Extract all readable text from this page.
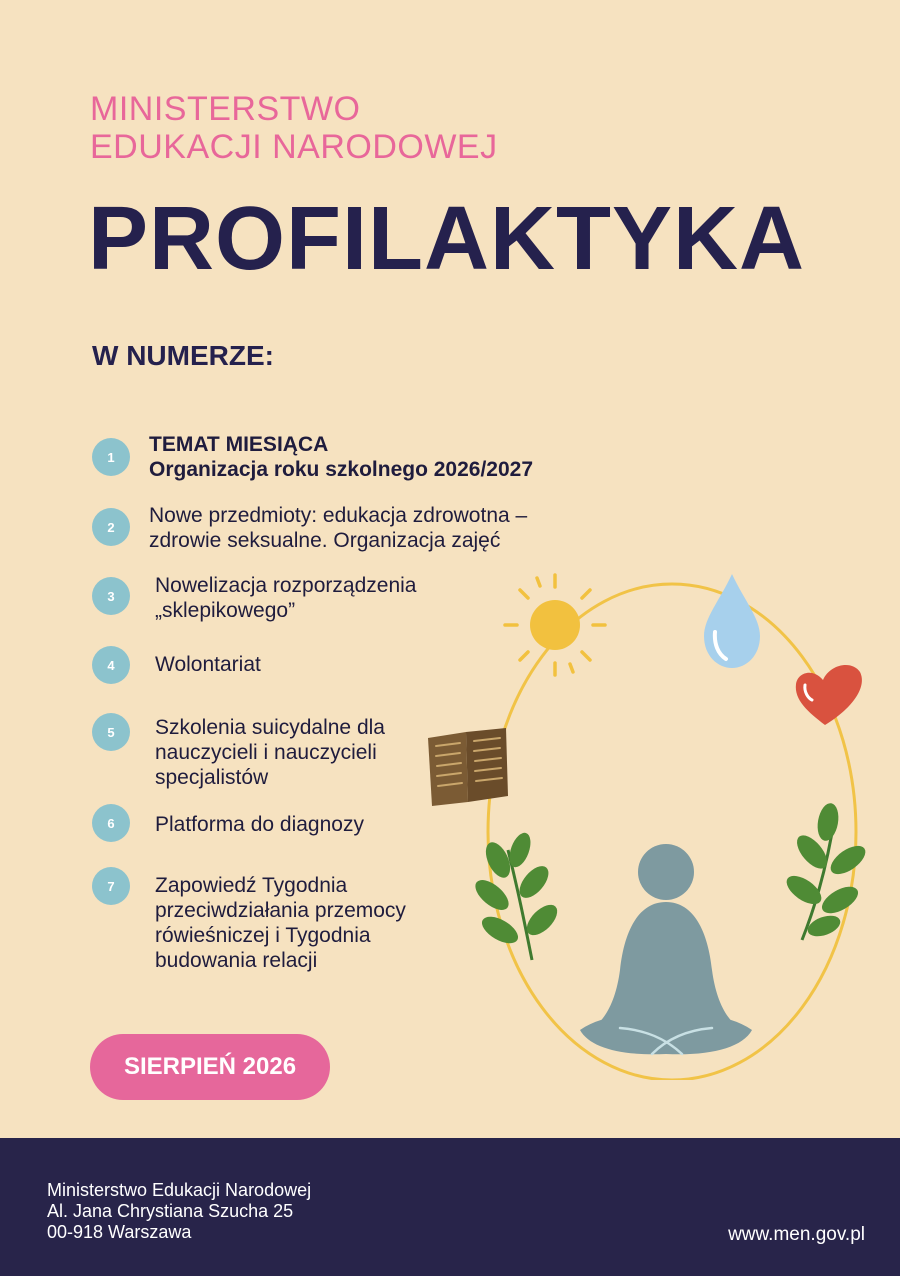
MINISTERSTWO
EDUKACJI NARODOWEJ
PROFILAKTYKA
W NUMERZE:
1
TEMAT MIESIĄCA
Organizacja roku szkolnego 2026/2027
2	Nowe przedmioty: edukacja zdrowotna –
zdrowie seksualne. Organizacja zajęć
3	Nowelizacja rozporządzenia
„sklepikowego”
4	Wolontariat
5	Szkolenia suicydalne dla
nauczycieli i nauczycieli
specjalistów
6	Platforma do diagnozy
7	Zapowiedź Tygodnia
przeciwdziałania przemocy
rówieśniczej i Tygodnia
budowania relacji
SIERPIEŃ 2026
Ministerstwo Edukacji Narodowej
Al. Jana Chrystiana Szucha 25
00-918 Warszawa	www.men.gov.pl
